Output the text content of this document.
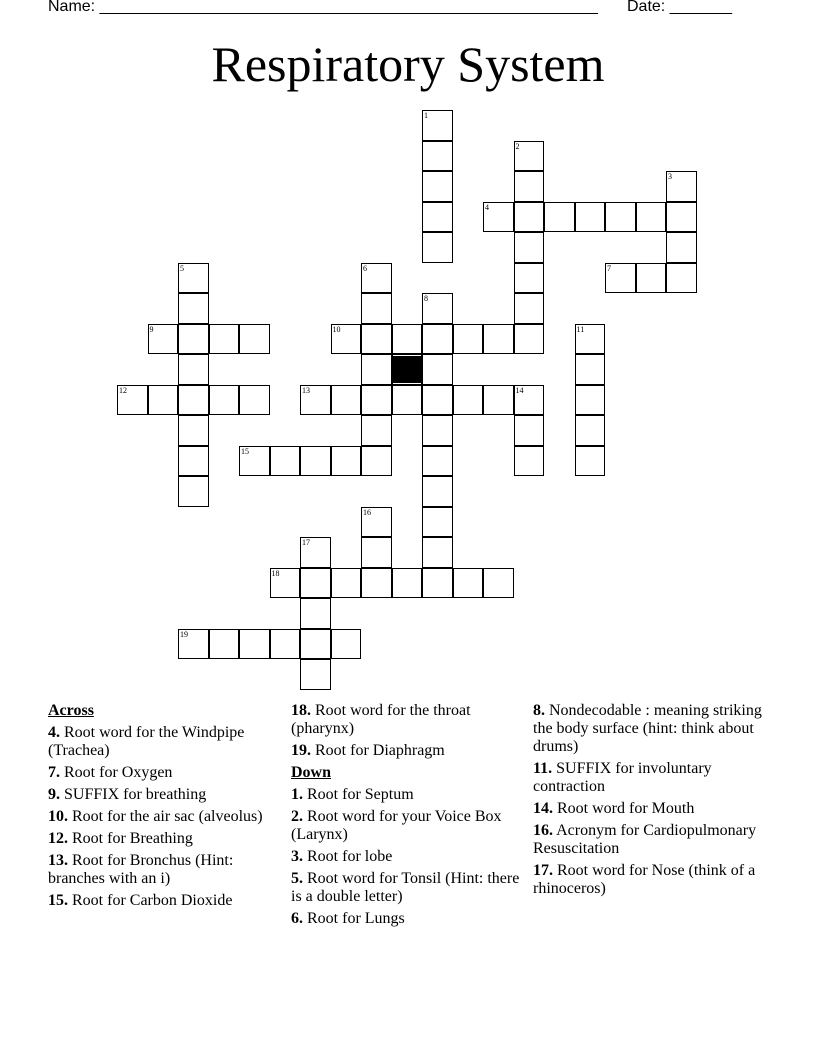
Name: ________________________________________________________ Date: _______
Respiratory System
1
2
3
4
5	6	7
8
9	10	11
12	13	14
15
16
17
18
19
Across
4. Root word for the Windpipe (Trachea)
7. Root for Oxygen
9. SUFFIX for breathing
10. Root for the air sac (alveolus)
12. Root for Breathing
13. Root for Bronchus (Hint: branches with an i)
15. Root for Carbon Dioxide
18. Root word for the throat (pharynx)
19. Root for Diaphragm
Down
1. Root for Septum
2. Root word for your Voice Box (Larynx)
3. Root for lobe
5. Root word for Tonsil (Hint: there is a double letter)
6. Root for Lungs
8. Nondecodable : meaning striking the body surface (hint: think about drums)
11. SUFFIX for involuntary contraction
14. Root word for Mouth
16. Acronym for Cardiopulmonary Resuscitation
17. Root word for Nose (think of a rhinoceros)
